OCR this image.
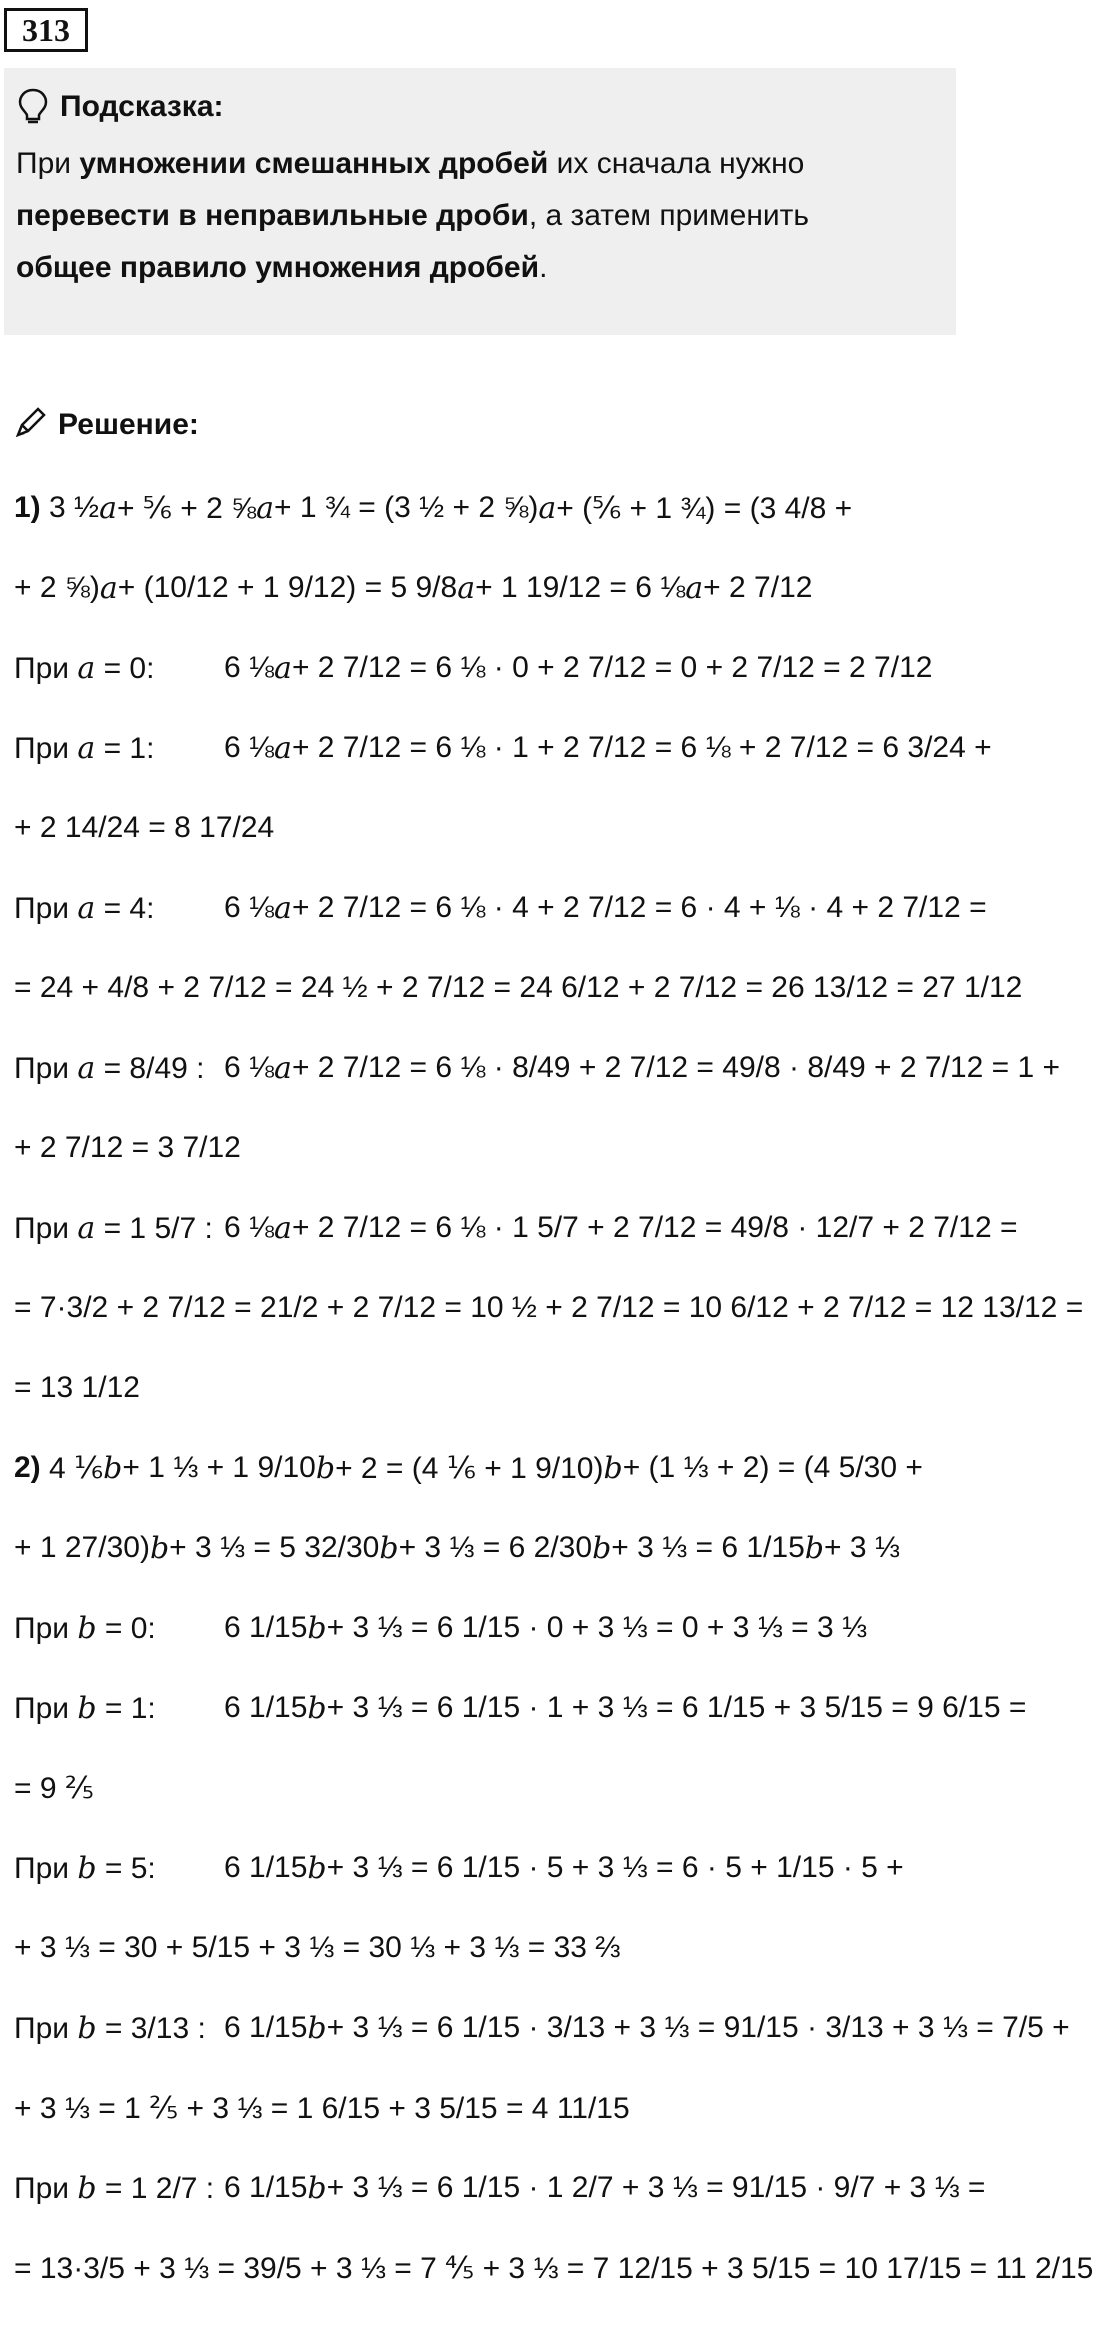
313
Подсказка:
При умножении смешанных дробей их сначала нужно
перевести в неправильные дроби, а затем применить
общее правило умножения дробей.
Решение:
1) 3 ½ a + ⅚ + 2 ⅝ a + 1 ¾ = (3 ½ + 2 ⅝) a + (⅚ + 1 ¾) = (3 4/8 +
+ 2 ⅝) a + (10/12 + 1 9/12) = 5 9/8 a + 1 19/12 = 6 ⅛ a + 2 7/12
При a = 0:	6 ⅛ a + 2 7/12 = 6 ⅛ · 0 + 2 7/12 = 0 + 2 7/12 = 2 7/12
При a = 1:	6 ⅛ a + 2 7/12 = 6 ⅛ · 1 + 2 7/12 = 6 ⅛ + 2 7/12 = 6 3/24 +
+ 2 14/24 = 8 17/24
При a = 4:	6 ⅛ a + 2 7/12 = 6 ⅛ · 4 + 2 7/12 = 6 · 4 + ⅛ · 4 + 2 7/12 =
= 24 + 4/8 + 2 7/12 = 24 ½ + 2 7/12 = 24 6/12 + 2 7/12 = 26 13/12 = 27 1/12
При a = 8/49 : 6 ⅛ a + 2 7/12 = 6 ⅛ · 8/49 + 2 7/12 = 49/8 · 8/49 + 2 7/12 = 1 +
+ 2 7/12 = 3 7/12
При a = 1 5/7 : 6 ⅛ a + 2 7/12 = 6 ⅛ · 1 5/7 + 2 7/12 = 49/8 · 12/7 + 2 7/12 =
= 7·3/2 + 2 7/12 = 21/2 + 2 7/12 = 10 ½ + 2 7/12 = 10 6/12 + 2 7/12 = 12 13/12 =
= 13 1/12
2) 4 ⅙ b + 1 ⅓ + 1 9/10 b + 2 = (4 ⅙ + 1 9/10) b + (1 ⅓ + 2) = (4 5/30 +
+ 1 27/30) b + 3 ⅓ = 5 32/30 b + 3 ⅓ = 6 2/30 b + 3 ⅓ = 6 1/15 b + 3 ⅓
При b = 0:	6 1/15 b + 3 ⅓ = 6 1/15 · 0 + 3 ⅓ = 0 + 3 ⅓ = 3 ⅓
При b = 1:	6 1/15 b + 3 ⅓ = 6 1/15 · 1 + 3 ⅓ = 6 1/15 + 3 5/15 = 9 6/15 =
= 9 ⅖
При b = 5:	6 1/15 b + 3 ⅓ = 6 1/15 · 5 + 3 ⅓ = 6 · 5 + 1/15 · 5 +
+ 3 ⅓ = 30 + 5/15 + 3 ⅓ = 30 ⅓ + 3 ⅓ = 33 ⅔
При b = 3/13 : 6 1/15 b + 3 ⅓ = 6 1/15 · 3/13 + 3 ⅓ = 91/15 · 3/13 + 3 ⅓ = 7/5 +
+ 3 ⅓ = 1 ⅖ + 3 ⅓ = 1 6/15 + 3 5/15 = 4 11/15
При b = 1 2/7 : 6 1/15 b + 3 ⅓ = 6 1/15 · 1 2/7 + 3 ⅓ = 91/15 · 9/7 + 3 ⅓ =
= 13·3/5 + 3 ⅓ = 39/5 + 3 ⅓ = 7 ⅘ + 3 ⅓ = 7 12/15 + 3 5/15 = 10 17/15 = 11 2/15
